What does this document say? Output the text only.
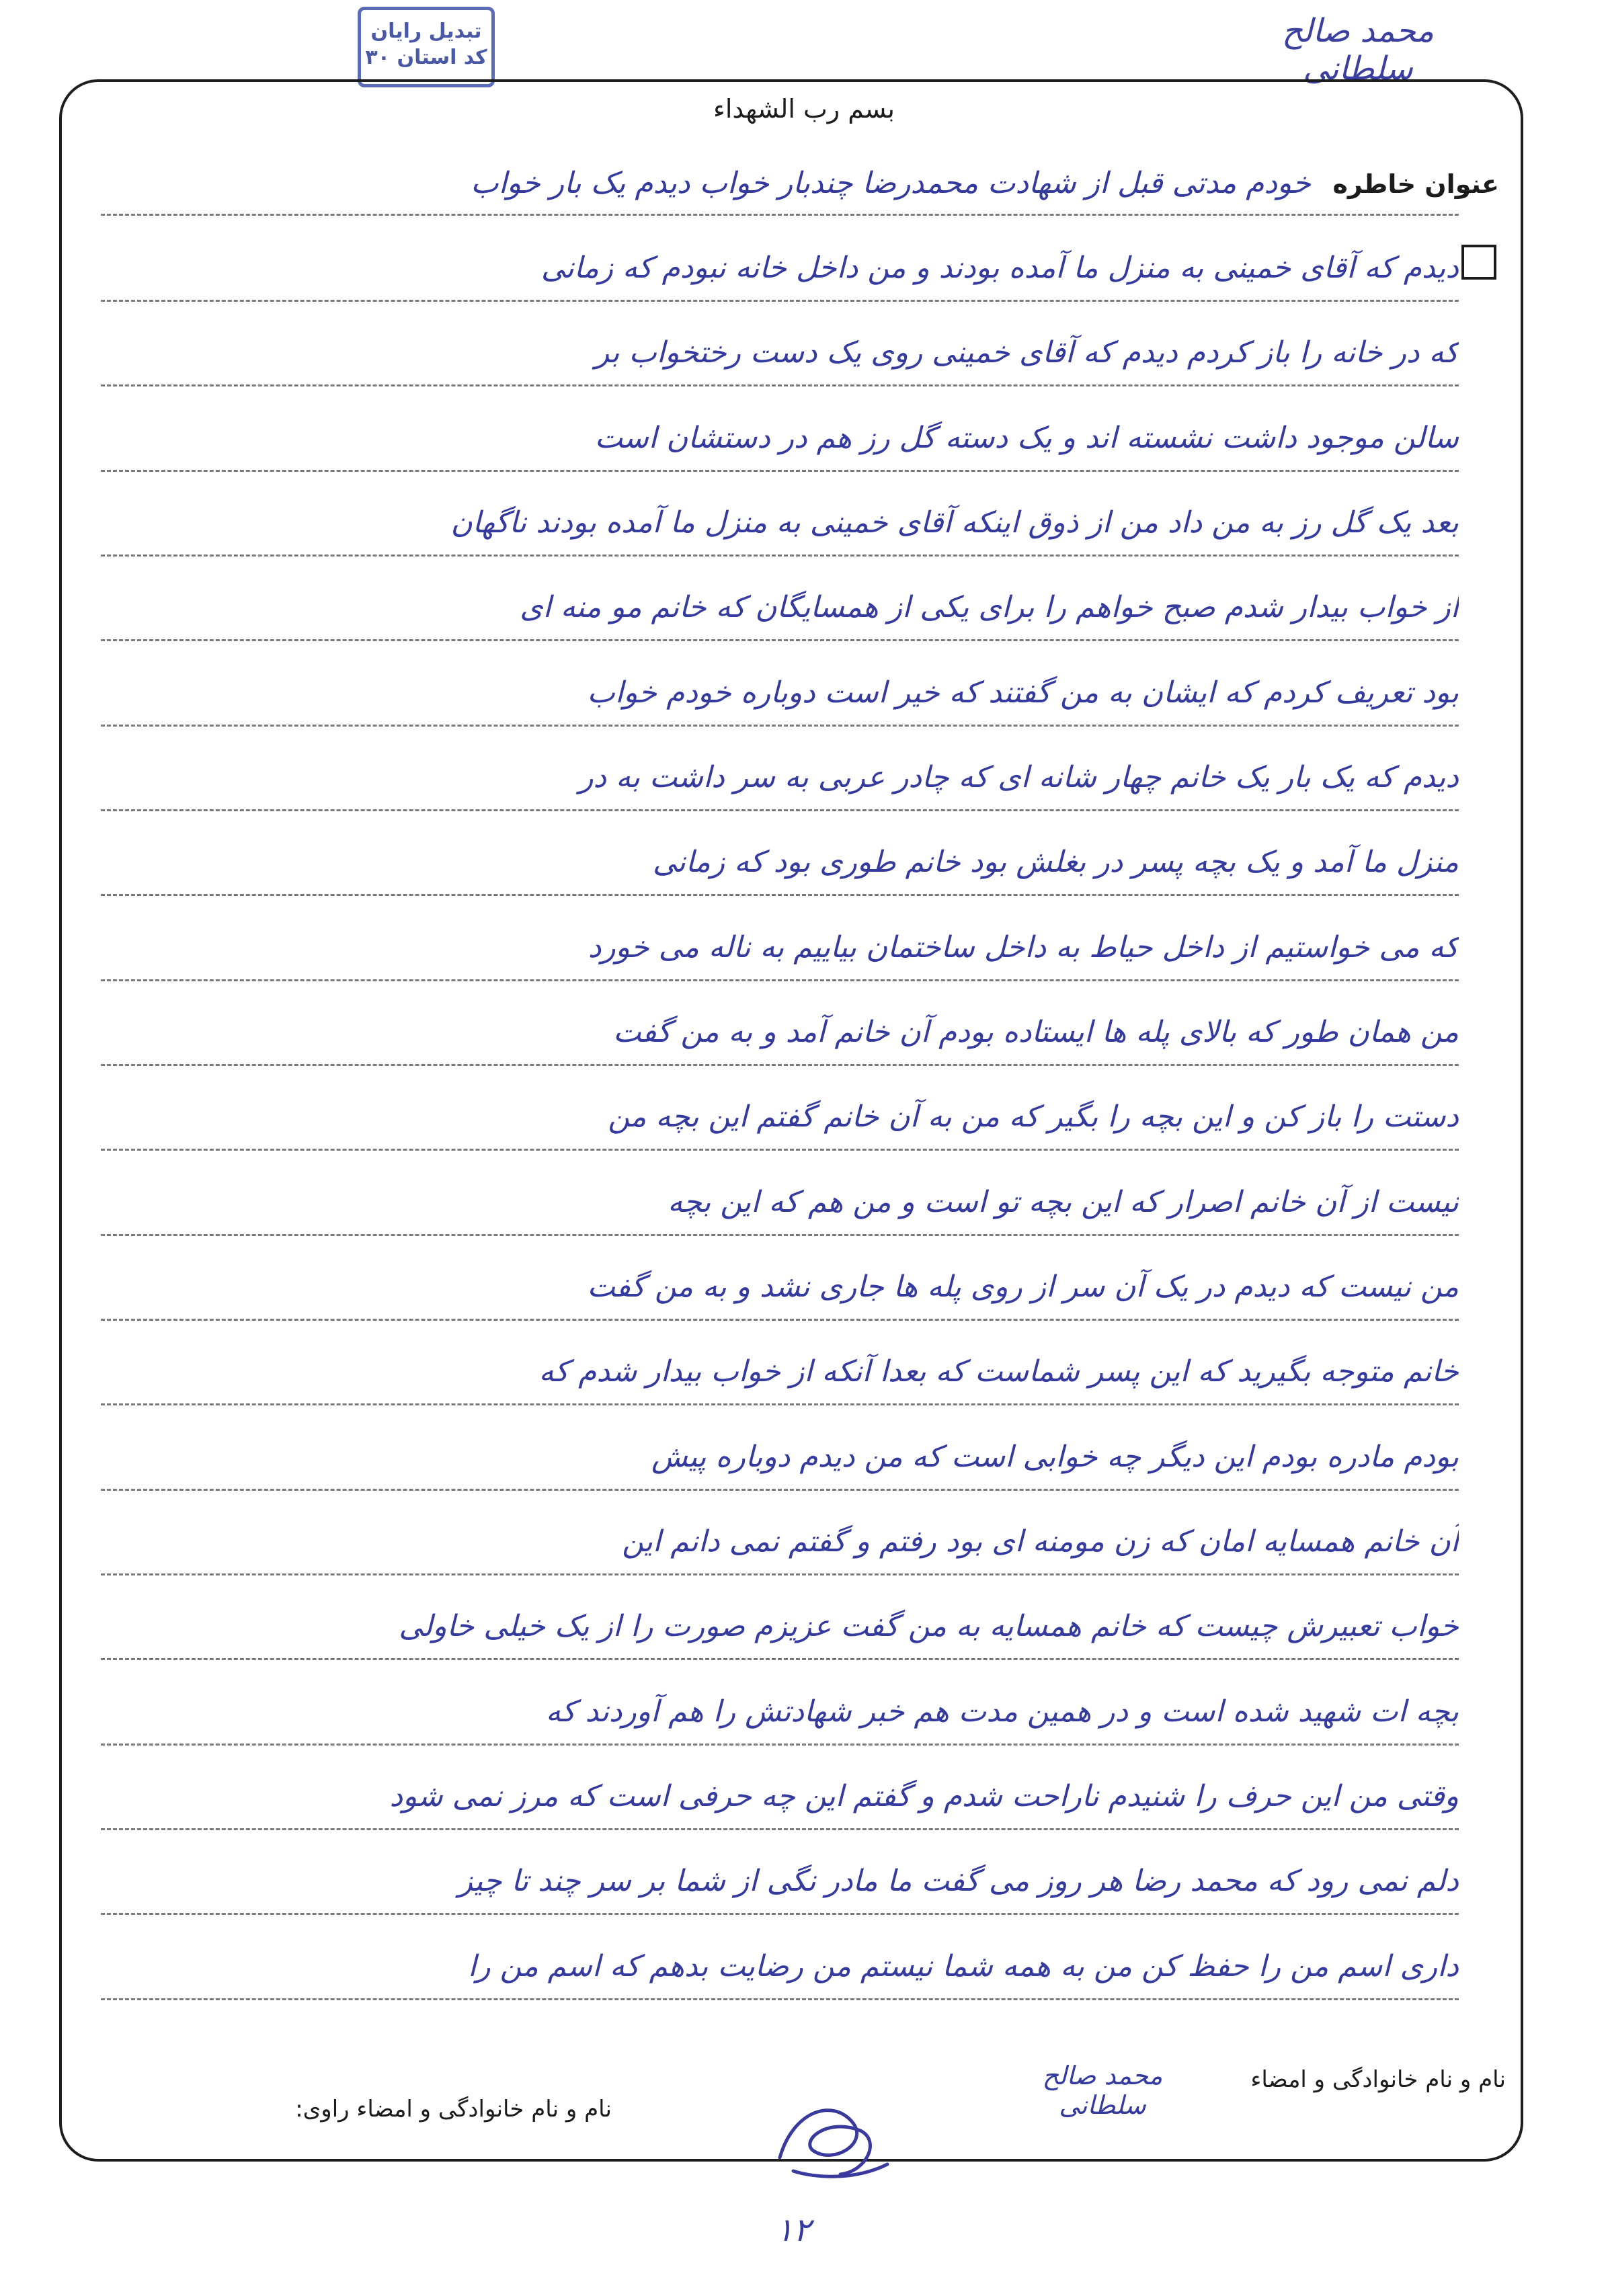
تبدیل رایان
کد استان ۳۰
محمد صالح سلطانی
بسم رب الشهداء
عنوان خاطره
خودم مدتی قبل از شهادت محمدرضا چندبار خواب دیدم یک بار خواب
دیدم که آقای خمینی به منزل ما آمده بودند و من داخل خانه نبودم که زمانی
که در خانه را باز کردم دیدم که آقای خمینی روی یک دست رختخواب بر
سالن موجود داشت نشسته اند و یک دسته گل رز هم در دستشان است
بعد یک گل رز به من داد من از ذوق اینکه آقای خمینی به منزل ما آمده بودند ناگهان
از خواب بیدار شدم صبح خواهم را برای یکی از همسایگان که خانم مو منه ای
بود تعریف کردم که ایشان به من گفتند که خیر است دوباره خودم خواب
دیدم که یک بار یک خانم چهار شانه ای که چادر عربی به سر داشت به در
منزل ما آمد و یک بچه پسر در بغلش بود خانم طوری بود که زمانی
که می خواستیم از داخل حیاط به داخل ساختمان بیاییم به ناله می خورد
من همان طور که بالای پله ها ایستاده بودم آن خانم آمد و به من گفت
دستت را باز کن و این بچه را بگیر که من به آن خانم گفتم این بچه من
نیست از آن خانم اصرار که این بچه تو است و من هم که این بچه
من نیست که دیدم در یک آن سر از روی پله ها جاری نشد و به من گفت
خانم متوجه بگیرید که این پسر شماست که بعدا آنکه از خواب بیدار شدم که
بودم مادره بودم این دیگر چه خوابی است که من دیدم دوباره پیش
آن خانم همسایه امان که زن مومنه ای بود رفتم و گفتم نمی دانم این
خواب تعبیرش چیست که خانم همسایه به من گفت عزیزم صورت را از یک خیلی خاولی
بچه ات شهید شده است و در همین مدت هم خبر شهادتش را هم آوردند که
وقتی من این حرف را شنیدم ناراحت شدم و گفتم این چه حرفی است که مرز نمی شود
دلم نمی رود که محمد رضا هر روز می گفت ما مادر نگی از شما بر سر چند تا چیز
داری اسم من را حفظ کن من به همه شما نیستم من رضایت بدهم که اسم من را
نام و نام خانوادگی و امضاء
محمد صالح سلطانی
نام و نام خانوادگی و امضاء راوی:
۱۲
